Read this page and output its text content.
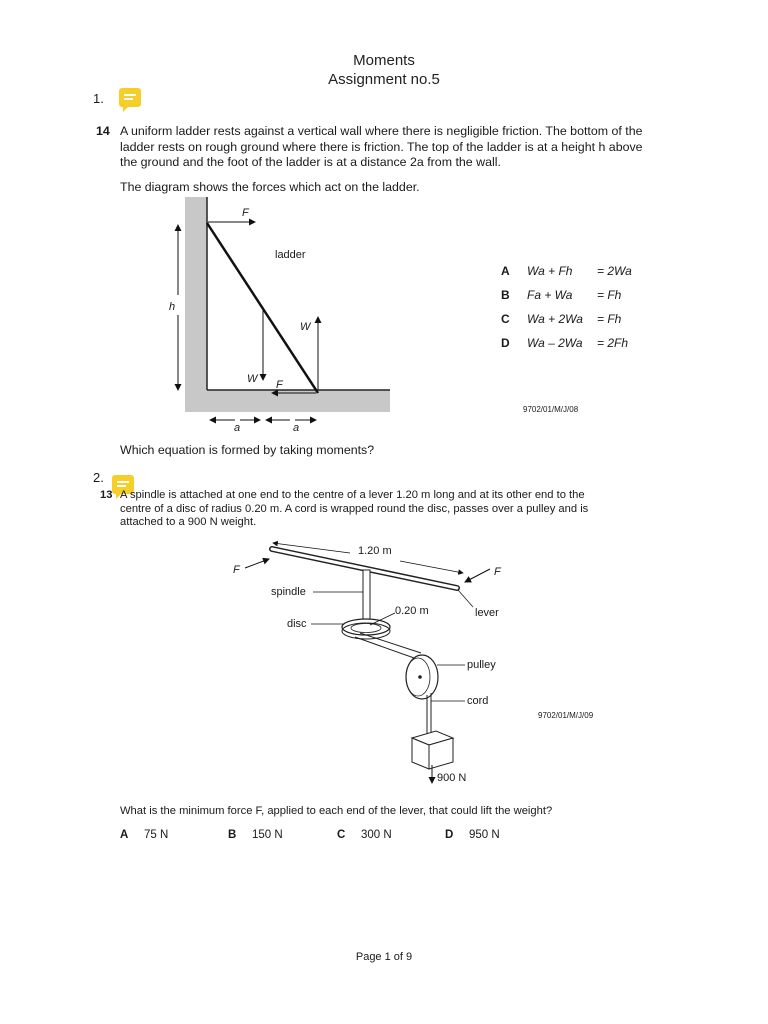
Moments
Assignment no.5
1.
14 A uniform ladder rests against a vertical wall where there is negligible friction. The bottom of the
ladder rests on rough ground where there is friction. The top of the ladder is at a height h above
the ground and the foot of the ladder is at a distance 2a from the wall.
The diagram shows the forces which act on the ladder.
F
ladder
h
W
W F
a	a
A Wa + Fh = 2Wa
B Fa + Wa = Fh
C Wa + 2Wa = Fh
D Wa – 2Wa = 2Fh
9702/01/M/J/08
Which equation is formed by taking moments?
2.
13 A spindle is attached at one end to the centre of a lever 1.20 m long and at its other end to the
centre of a disc of radius 0.20 m. A cord is wrapped round the disc, passes over a pulley and is
attached to a 900 N weight.
1.20 m
F	F
spindle
0.20 m	lever
disc
pulley
cord
900 N
9702/01/M/J/09
What is the minimum force F, applied to each end of the lever, that could lift the weight?
A 75 N	B 150 N	C 300 N	D 950 N
Page 1 of 9
